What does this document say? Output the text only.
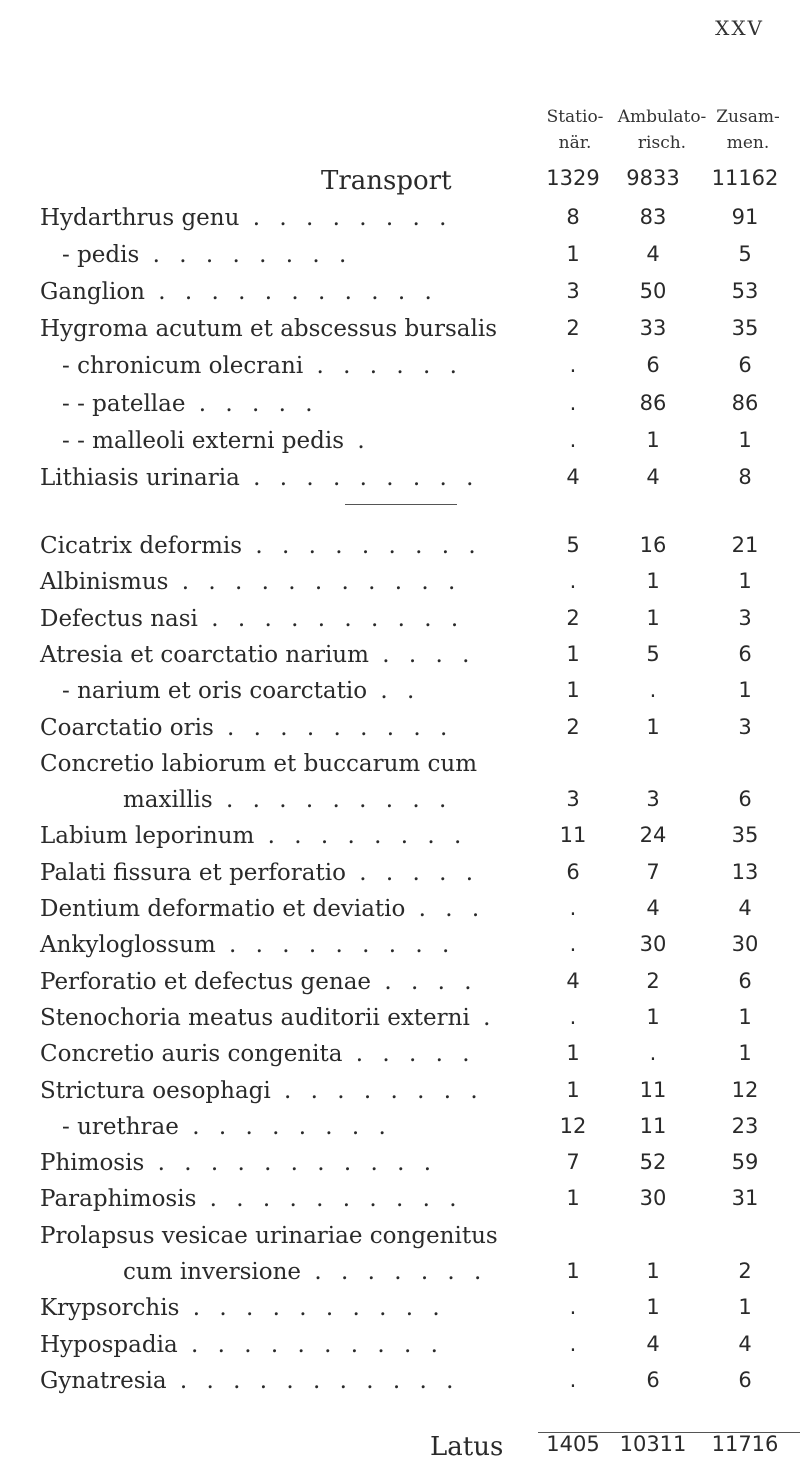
XXV
Statio-
när.
Ambulato-
risch.
Zusam-
men.
Transport	1329	9833	11162
Hydarthrus genu . . . . . . . .	8	83	91
- pedis . . . . . . . .	1	4	5
Ganglion . . . . . . . . . . .	3	50	53
Hygroma acutum et abscessus bursalis	2	33	35
- chronicum olecrani . . . . . .	.	6	6
- - patellae . . . . .	.	86	86
- - malleoli externi pedis .	.	1	1
Lithiasis urinaria . . . . . . . . .	4	4	8
Cicatrix deformis . . . . . . . . .	5	16	21
Albinismus . . . . . . . . . . .	.	1	1
Defectus nasi . . . . . . . . . .	2	1	3
Atresia et coarctatio narium . . . .	1	5	6
- narium et oris coarctatio . .	1	.	1
Coarctatio oris . . . . . . . . .	2	1	3
Concretio labiorum et buccarum cum
maxillis . . . . . . . . .	3	3	6
Labium leporinum . . . . . . . .	11	24	35
Palati fissura et perforatio . . . . .	6	7	13
Dentium deformatio et deviatio . . .	.	4	4
Ankyloglossum . . . . . . . . .	.	30	30
Perforatio et defectus genae . . . .	4	2	6
Stenochoria meatus auditorii externi .	.	1	1
Concretio auris congenita . . . . .	1	.	1
Strictura oesophagi . . . . . . . .	1	11	12
- urethrae . . . . . . . .	12	11	23
Phimosis . . . . . . . . . . .	7	52	59
Paraphimosis . . . . . . . . . .	1	30	31
Prolapsus vesicae urinariae congenitus
cum inversione . . . . . . .	1	1	2
Krypsorchis . . . . . . . . . .	.	1	1
Hypospadia . . . . . . . . . .	.	4	4
Gynatresia . . . . . . . . . . .	.	6	6
Latus	1405 10311 11716
